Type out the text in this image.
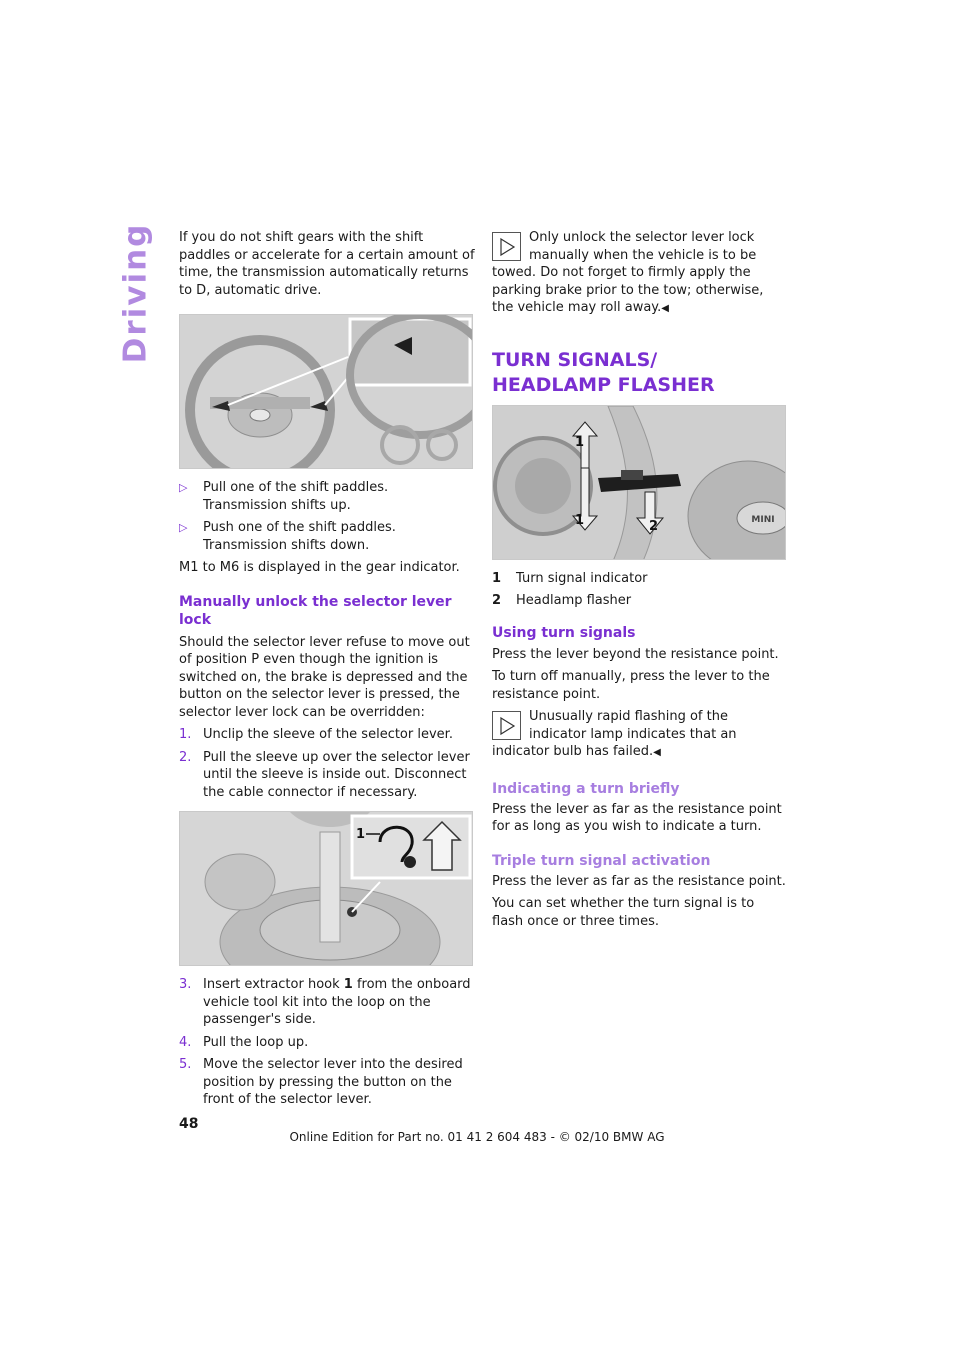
Driving If you do not shift gears with the shift paddles or accelerate for a certain amount of time, the transmission automatically returns to D, automatic drive.

▷ Pull one of the shift paddles.
Transmission shifts up.
▷ Push one of the shift paddles.
Transmission shifts down.

M1 to M6 is displayed in the gear indicator.

Manually unlock the selector lever lock

Should the selector lever refuse to move out of position P even though the ignition is switched on, the brake is depressed and the button on the selector lever is pressed, the selector lever lock can be overridden:

1. Unclip the sleeve of the selector lever.
2. Pull the sleeve up over the selector lever until the sleeve is inside out. Disconnect the cable connector if necessary.
1
3. Insert extractor hook 1 from the onboard vehicle tool kit into the loop on the passenger's side.
4. Pull the loop up.
5. Move the selector lever into the desired position by pressing the button on the front of the selector lever.

Only unlock the selector lever lock manually when the vehicle is to be towed. Do not forget to firmly apply the parking brake prior to the tow; otherwise, the vehicle may roll away.◀

TURN SIGNALS/
HEADLAMP FLASHER
MINI
1
1	2
1 Turn signal indicator
2 Headlamp flasher
Using turn signals

Press the lever beyond the resistance point.

To turn off manually, press the lever to the resistance point.

Unusually rapid flashing of the indicator lamp indicates that an indicator bulb has failed.◀

Indicating a turn briefly

Press the lever as far as the resistance point for as long as you wish to indicate a turn.

Triple turn signal activation

Press the lever as far as the resistance point.

You can set whether the turn signal is to flash once or three times.

48
Online Edition for Part no. 01 41 2 604 483 - © 02/10 BMW AG
